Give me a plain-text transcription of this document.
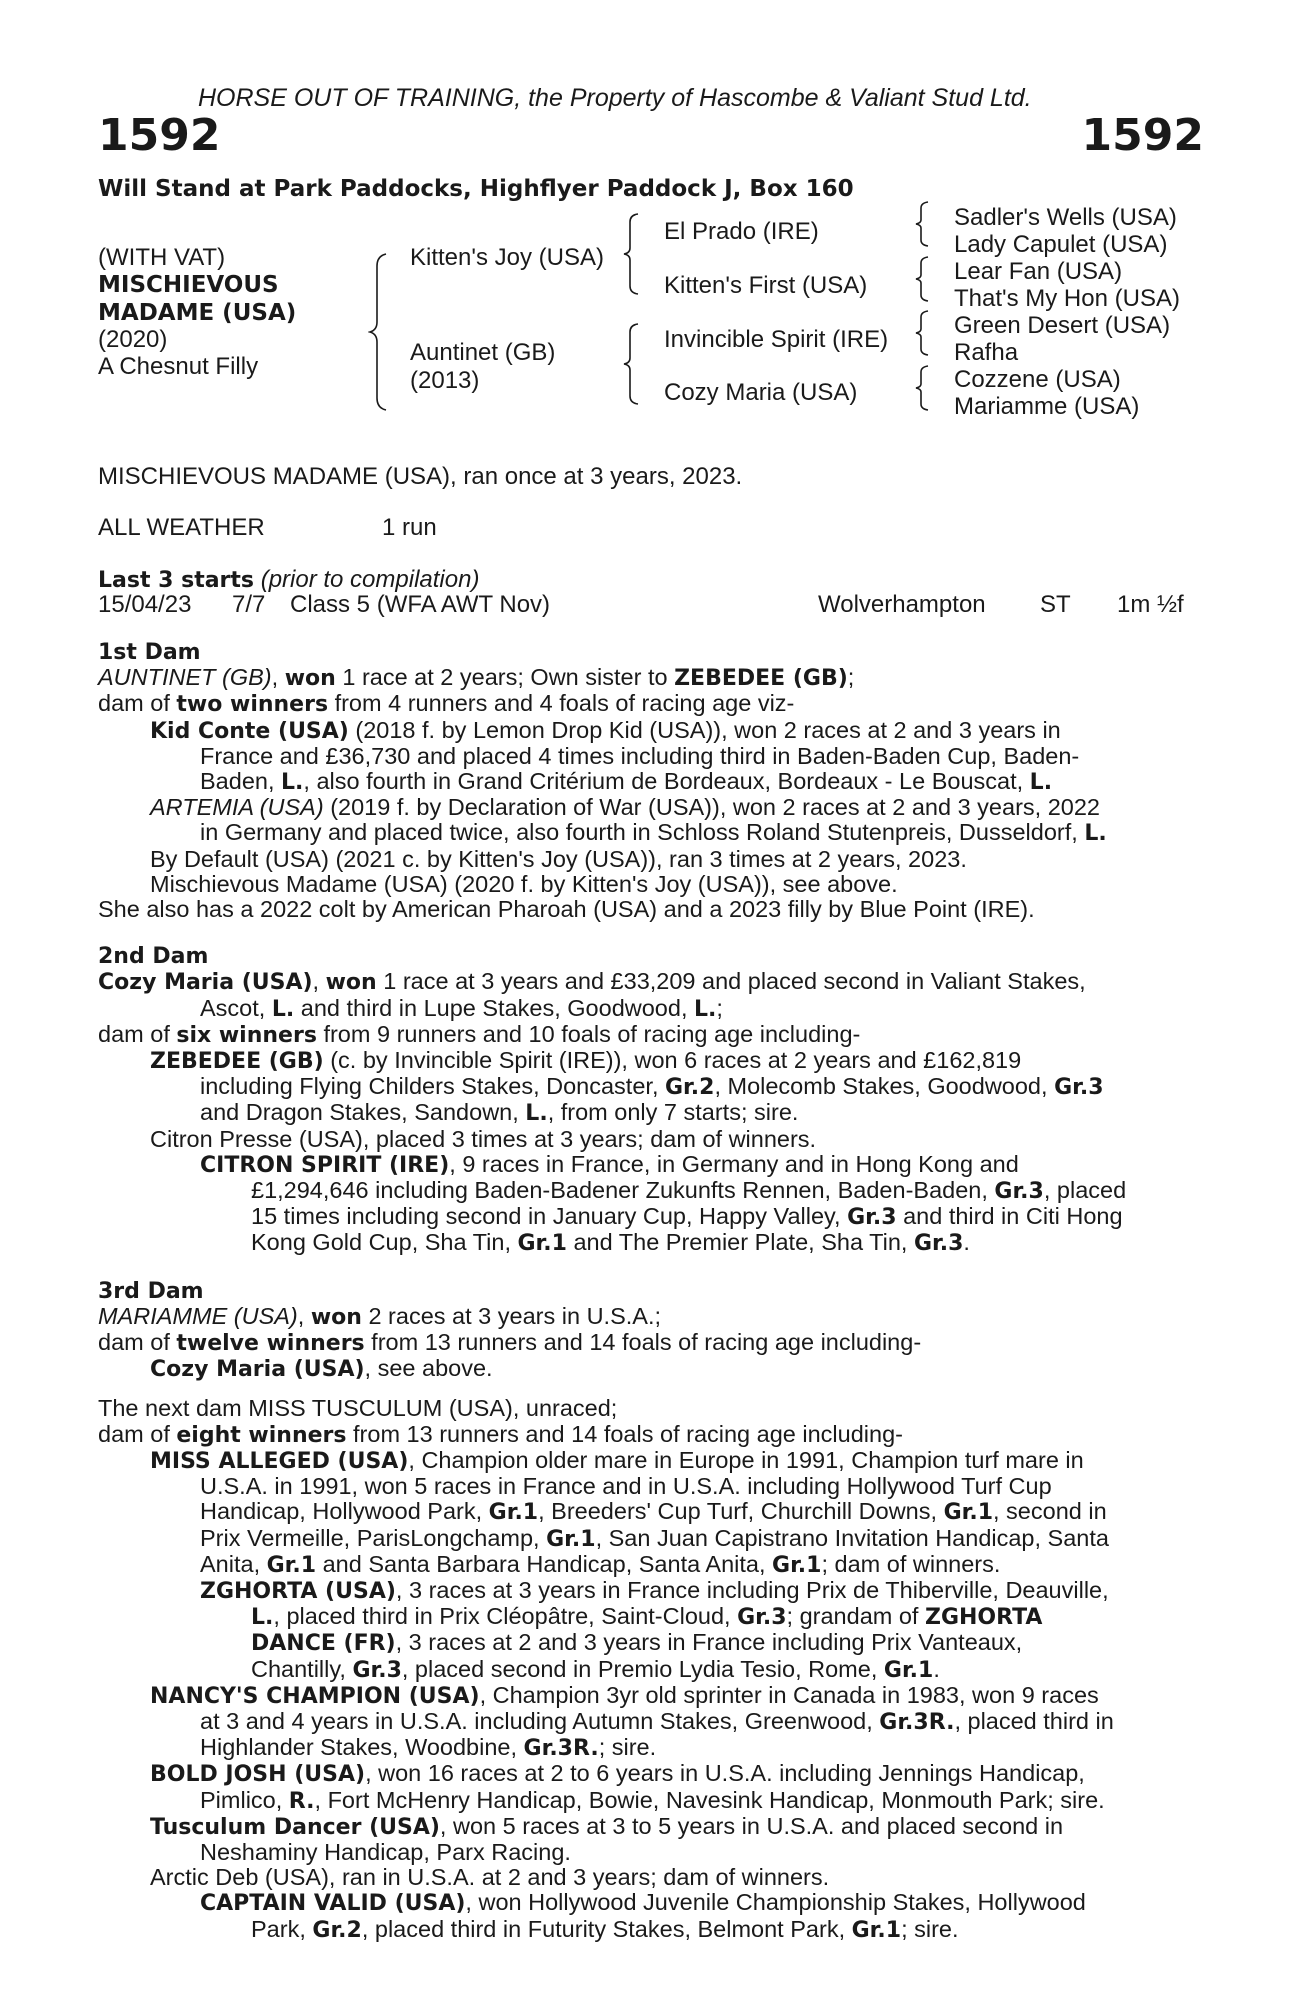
HORSE OUT OF TRAINING, the Property of Hascombe & Valiant Stud Ltd.
1592	1592
Will Stand at Park Paddocks, Highflyer Paddock J, Box 160
(WITH VAT)
MISCHIEVOUS
MADAME (USA)
(2020)
A Chesnut Filly
Kitten's Joy (USA)
Auntinet (GB)
(2013)
El Prado (IRE)
Kitten's First (USA)
Invincible Spirit (IRE)
Cozy Maria (USA)
Sadler's Wells (USA)
Lady Capulet (USA)
Lear Fan (USA)
That's My Hon (USA)
Green Desert (USA)
Rafha
Cozzene (USA)
Mariamme (USA)
MISCHIEVOUS MADAME (USA), ran once at 3 years, 2023.
ALL WEATHER	1 run
Last 3 starts (prior to compilation)
15/04/23 7/7 Class 5 (WFA AWT Nov)	Wolverhampton ST 1m ½f
1st Dam
AUNTINET (GB), won 1 race at 2 years; Own sister to ZEBEDEE (GB);
dam of two winners from 4 runners and 4 foals of racing age viz-
Kid Conte (USA) (2018 f. by Lemon Drop Kid (USA)), won 2 races at 2 and 3 years in
France and £36,730 and placed 4 times including third in Baden-Baden Cup, Baden-
Baden, L., also fourth in Grand Critérium de Bordeaux, Bordeaux - Le Bouscat, L.
ARTEMIA (USA) (2019 f. by Declaration of War (USA)), won 2 races at 2 and 3 years, 2022
in Germany and placed twice, also fourth in Schloss Roland Stutenpreis, Dusseldorf, L.
By Default (USA) (2021 c. by Kitten's Joy (USA)), ran 3 times at 2 years, 2023.
Mischievous Madame (USA) (2020 f. by Kitten's Joy (USA)), see above.
She also has a 2022 colt by American Pharoah (USA) and a 2023 filly by Blue Point (IRE).
2nd Dam
Cozy Maria (USA), won 1 race at 3 years and £33,209 and placed second in Valiant Stakes,
Ascot, L. and third in Lupe Stakes, Goodwood, L.;
dam of six winners from 9 runners and 10 foals of racing age including-
ZEBEDEE (GB) (c. by Invincible Spirit (IRE)), won 6 races at 2 years and £162,819
including Flying Childers Stakes, Doncaster, Gr.2, Molecomb Stakes, Goodwood, Gr.3
and Dragon Stakes, Sandown, L., from only 7 starts; sire.
Citron Presse (USA), placed 3 times at 3 years; dam of winners.
CITRON SPIRIT (IRE), 9 races in France, in Germany and in Hong Kong and
£1,294,646 including Baden-Badener Zukunfts Rennen, Baden-Baden, Gr.3, placed
15 times including second in January Cup, Happy Valley, Gr.3 and third in Citi Hong
Kong Gold Cup, Sha Tin, Gr.1 and The Premier Plate, Sha Tin, Gr.3.
3rd Dam
MARIAMME (USA), won 2 races at 3 years in U.S.A.;
dam of twelve winners from 13 runners and 14 foals of racing age including-
Cozy Maria (USA), see above.
The next dam MISS TUSCULUM (USA), unraced;
dam of eight winners from 13 runners and 14 foals of racing age including-
MISS ALLEGED (USA), Champion older mare in Europe in 1991, Champion turf mare in
U.S.A. in 1991, won 5 races in France and in U.S.A. including Hollywood Turf Cup
Handicap, Hollywood Park, Gr.1, Breeders' Cup Turf, Churchill Downs, Gr.1, second in
Prix Vermeille, ParisLongchamp, Gr.1, San Juan Capistrano Invitation Handicap, Santa
Anita, Gr.1 and Santa Barbara Handicap, Santa Anita, Gr.1; dam of winners.
ZGHORTA (USA), 3 races at 3 years in France including Prix de Thiberville, Deauville,
L., placed third in Prix Cléopâtre, Saint-Cloud, Gr.3; grandam of ZGHORTA
DANCE (FR), 3 races at 2 and 3 years in France including Prix Vanteaux,
Chantilly, Gr.3, placed second in Premio Lydia Tesio, Rome, Gr.1.
NANCY'S CHAMPION (USA), Champion 3yr old sprinter in Canada in 1983, won 9 races
at 3 and 4 years in U.S.A. including Autumn Stakes, Greenwood, Gr.3R., placed third in
Highlander Stakes, Woodbine, Gr.3R.; sire.
BOLD JOSH (USA), won 16 races at 2 to 6 years in U.S.A. including Jennings Handicap,
Pimlico, R., Fort McHenry Handicap, Bowie, Navesink Handicap, Monmouth Park; sire.
Tusculum Dancer (USA), won 5 races at 3 to 5 years in U.S.A. and placed second in
Neshaminy Handicap, Parx Racing.
Arctic Deb (USA), ran in U.S.A. at 2 and 3 years; dam of winners.
CAPTAIN VALID (USA), won Hollywood Juvenile Championship Stakes, Hollywood
Park, Gr.2, placed third in Futurity Stakes, Belmont Park, Gr.1; sire.
